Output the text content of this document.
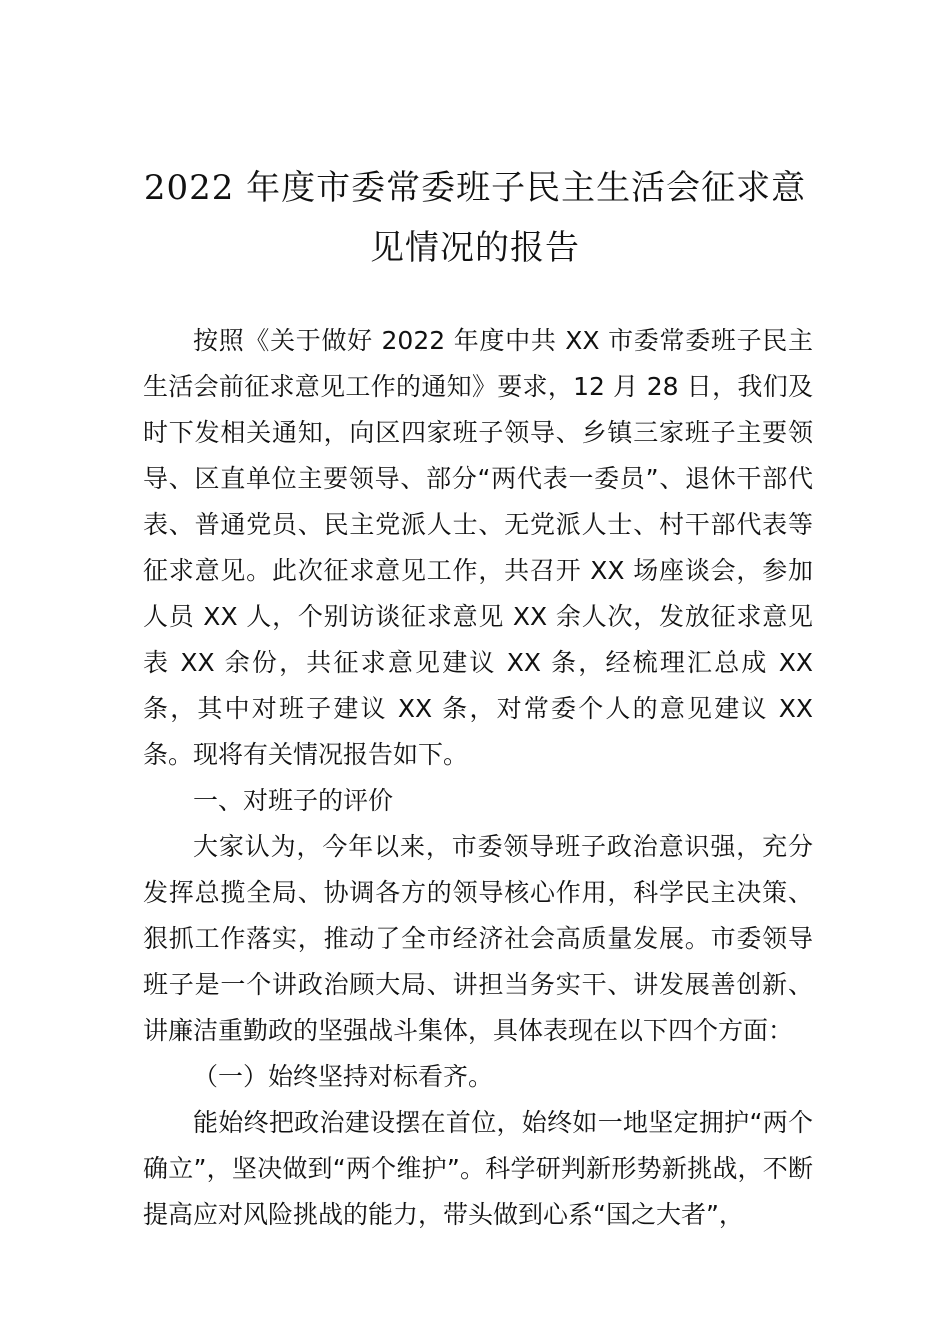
2022 年度市委常委班子民主生活会征求意
见情况的报告

按照《关于做好 2022 年度中共 XX 市委常委班子民主生活会前征求意见工作的通知》要求，12 月 28 日，我们及时下发相关通知，向区四家班子领导、乡镇三家班子主要领导、区直单位主要领导、部分“两代表一委员”、退休干部代表、普通党员、民主党派人士、无党派人士、村干部代表等征求意见。此次征求意见工作，共召开 XX 场座谈会，参加人员 XX 人，个别访谈征求意见 XX 余人次，发放征求意见表 XX 余份，共征求意见建议 XX 条，经梳理汇总成 XX 条，其中对班子建议 XX 条，对常委个人的意见建议 XX 条。现将有关情况报告如下。

一、对班子的评价

大家认为，今年以来，市委领导班子政治意识强，充分发挥总揽全局、协调各方的领导核心作用，科学民主决策、狠抓工作落实，推动了全市经济社会高质量发展。市委领导班子是一个讲政治顾大局、讲担当务实干、讲发展善创新、讲廉洁重勤政的坚强战斗集体，具体表现在以下四个方面：

（一）始终坚持对标看齐。

能始终把政治建设摆在首位，始终如一地坚定拥护“两个确立”，坚决做到“两个维护”。科学研判新形势新挑战，不断提高应对风险挑战的能力，带头做到心系“国之大者”，
